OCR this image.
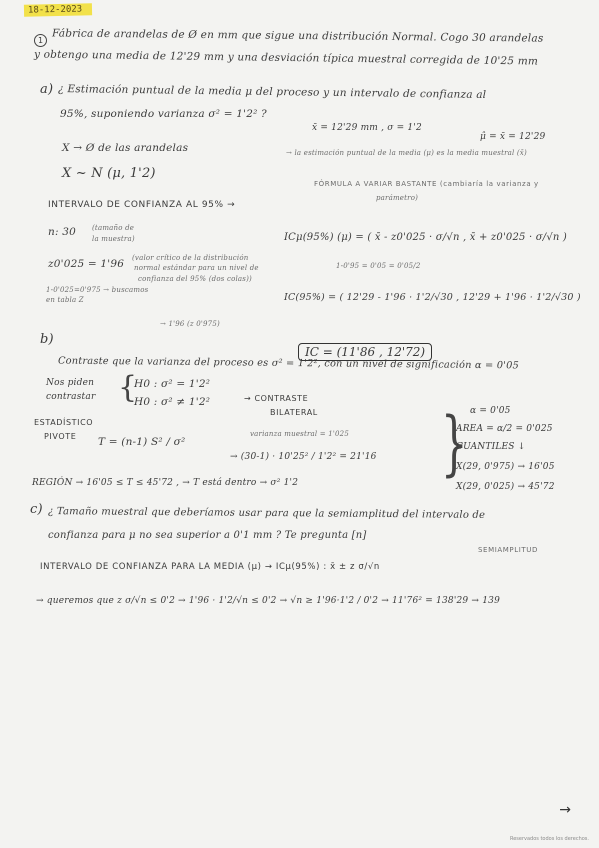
18-12-2023
1 Fábrica de arandelas de Ø en mm que sigue una distribución Normal. Cogo 30 arandelas
y obtengo una media de 12'29 mm y una desviación típica muestral corregida de 10'25 mm
a) ¿ Estimación puntual de la media μ del proceso y un intervalo de confianza al
95%, suponiendo varianza σ² = 1'2² ?
x̄ = 12'29 mm , σ = 1'2
μ̂ = x̄ = 12'29
→ la estimación puntual de la media (μ) es la media muestral (x̄)
X → Ø de las arandelas
X ~ N (μ, 1'2)
FÓRMULA A VARIAR BASTANTE (cambiaría la varianza y
parámetro)
INTERVALO DE CONFIANZA AL 95% →
n: 30 (tamaño de
la muestra)
z0'025 = 1'96 (valor crítico de la distribución
normal estándar para un nivel de
confianza del 95% (dos colas))
1-0'025=0'975 → buscamos
en tabla Z
→ 1'96 (z 0'975)
ICμ(95%) (μ) = ( x̄ - z0'025 · σ/√n , x̄ + z0'025 · σ/√n )
1-0'95 = 0'05 = 0'05/2
IC(95%) = ( 12'29 - 1'96 · 1'2/√30 , 12'29 + 1'96 · 1'2/√30 )
IC = (11'86 , 12'72)
b)
Contraste que la varianza del proceso es σ² = 1'2², con un nivel de significación α = 0'05
Nos piden
contrastar {
H0 : σ² = 1'2²
H0 : σ² ≠ 1'2²	→ CONTRASTE
BILATERAL
ESTADÍSTICO
PIVOTE T = (n-1) S² / σ²
varianza muestral = 1'025
→ (30-1) · 10'25² / 1'2² = 21'16 } α = 0'05
AREA = α/2 = 0'025
CUANTILES ↓
X(29, 0'975) → 16'05
X(29, 0'025) → 45'72
REGIÓN → 16'05 ≤ T ≤ 45'72 , → T está dentro → σ² 1'2
c) ¿ Tamaño muestral que deberíamos usar para que la semiamplitud del intervalo de
confianza para μ no sea superior a 0'1 mm ? Te pregunta [n]
SEMIAMPLITUD
INTERVALO DE CONFIANZA PARA LA MEDIA (μ) → ICμ(95%) : x̄ ± z σ/√n
→ queremos que z σ/√n ≤ 0'2 → 1'96 · 1'2/√n ≤ 0'2 → √n ≥ 1'96·1'2 / 0'2 → 11'76² = 138'29 → 139
→
Reservados todos los derechos.
